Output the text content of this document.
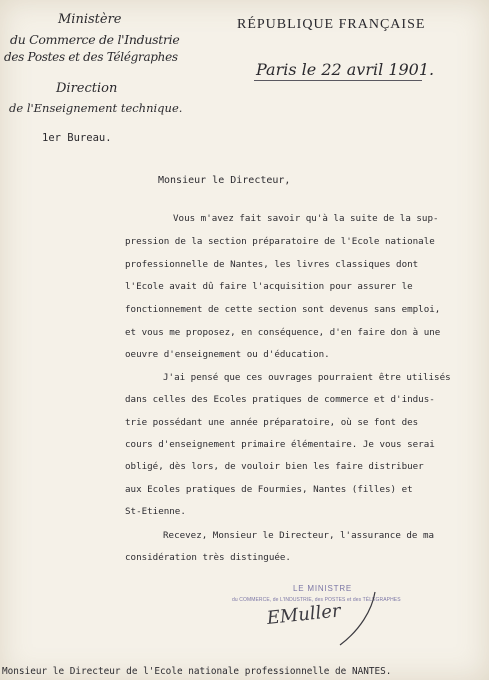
Ministère
du Commerce de l'Industrie
des Postes et des Télégraphes
Direction
de l'Enseignement technique.
1er Bureau.
RÉPUBLIQUE FRANÇAISE
Paris le 22 avril 1901.
Monsieur le Directeur,
Vous m'avez fait savoir qu'à la suite de la sup-
pression de la section préparatoire de l'Ecole nationale
professionnelle de Nantes, les livres classiques dont
l'Ecole avait dû faire l'acquisition pour assurer le
fonctionnement de cette section sont devenus sans emploi,
et vous me proposez, en conséquence, d'en faire don à une
oeuvre d'enseignement ou d'éducation.
J'ai pensé que ces ouvrages pourraient être utilisés
dans celles des Ecoles pratiques de commerce et d'indus-
trie possédant une année préparatoire, où se font des
cours d'enseignement primaire élémentaire. Je vous serai
obligé, dès lors, de vouloir bien les faire distribuer
aux Ecoles pratiques de Fourmies, Nantes (filles) et
St-Etienne.
Recevez, Monsieur le Directeur, l'assurance de ma
considération très distinguée.
LE MINISTRE
du COMMERCE, de L'INDUSTRIE, des POSTES et des TÉLÉGRAPHES
EMuller
Monsieur le Directeur de l'Ecole nationale professionnelle de NANTES.
